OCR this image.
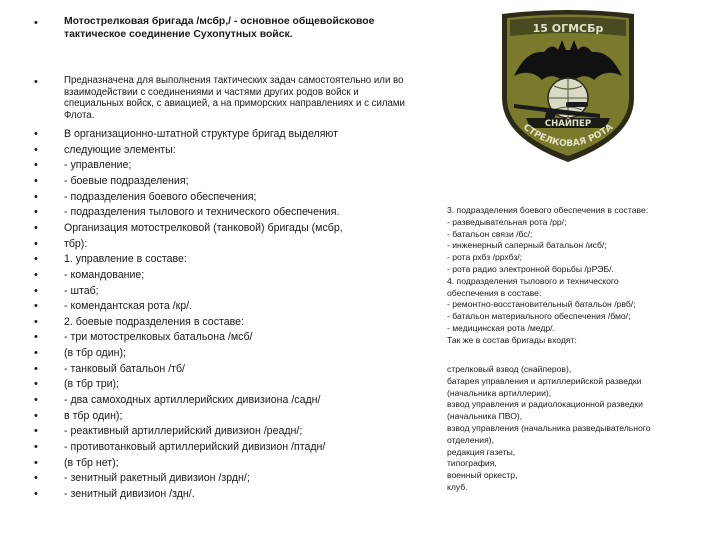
•	Мотострелковая бригада /мсбр,/ - основное общевойсковое тактическое соединение Сухопутных войск.
•	Предназначена для выполнения тактических задач самостоятельно или во взаимодействии с соединениями и частями других родов войск и специальных войск, с авиацией, а на приморских направлениях и с силами Флота.
• В организационно-штатной структуре бригад выделяют
• следующие элементы:
• - управление;
• - боевые подразделения;
• - подразделения боевого обеспечения;
• - подразделения тылового и технического обеспечения.
• Организация мотострелковой (танковой) бригады (мсбр,
• тбр):
• 1. управление в составе:
• - командование;
• - штаб;
• - комендантская рота /кр/.
• 2. боевые подразделения в составе:
• - три мотострелковых батальона /мсб/
• (в тбр один);
• - танковый батальон /тб/
• (в тбр три);
• - два самоходных артиллерийских дивизиона /садн/
• в тбр один);
• - реактивный артиллерийский дивизион /реадн/;
• - противотанковый артиллерийский дивизион /птадн/
• (в тбр нет);
• - зенитный ракетный дивизион /зрдн/;
• - зенитный дивизион /здн/.
15 ОГМСБр
СНАЙПЕР
СТРЕЛКОВАЯ РОТА
3. подразделения боевого обеспечения в составе:
- разведывательная рота /рр/;
- батальон связи /бс/;
- инженерный саперный батальон /исб/;
- рота рхбз /ррхбз/;
- рота радио электронной борьбы /рРЭБ/.
4. подразделения тылового и технического
обеспечения в составе:
- ремонтно-восстановительный батальон /рвб/;
- батальон материального обеспечения /бмо/;
- медицинская рота /медр/.
Так же в состав бригады входят:
стрелковый взвод (снайперов),
батарея управления и артиллерийской разведки
(начальника артиллерии),
взвод управления и радиолокационной разведки
(начальника ПВО),
взвод управления (начальника разведывательного
отделения),
редакция газеты,
типография,
военный оркестр,
клуб.
